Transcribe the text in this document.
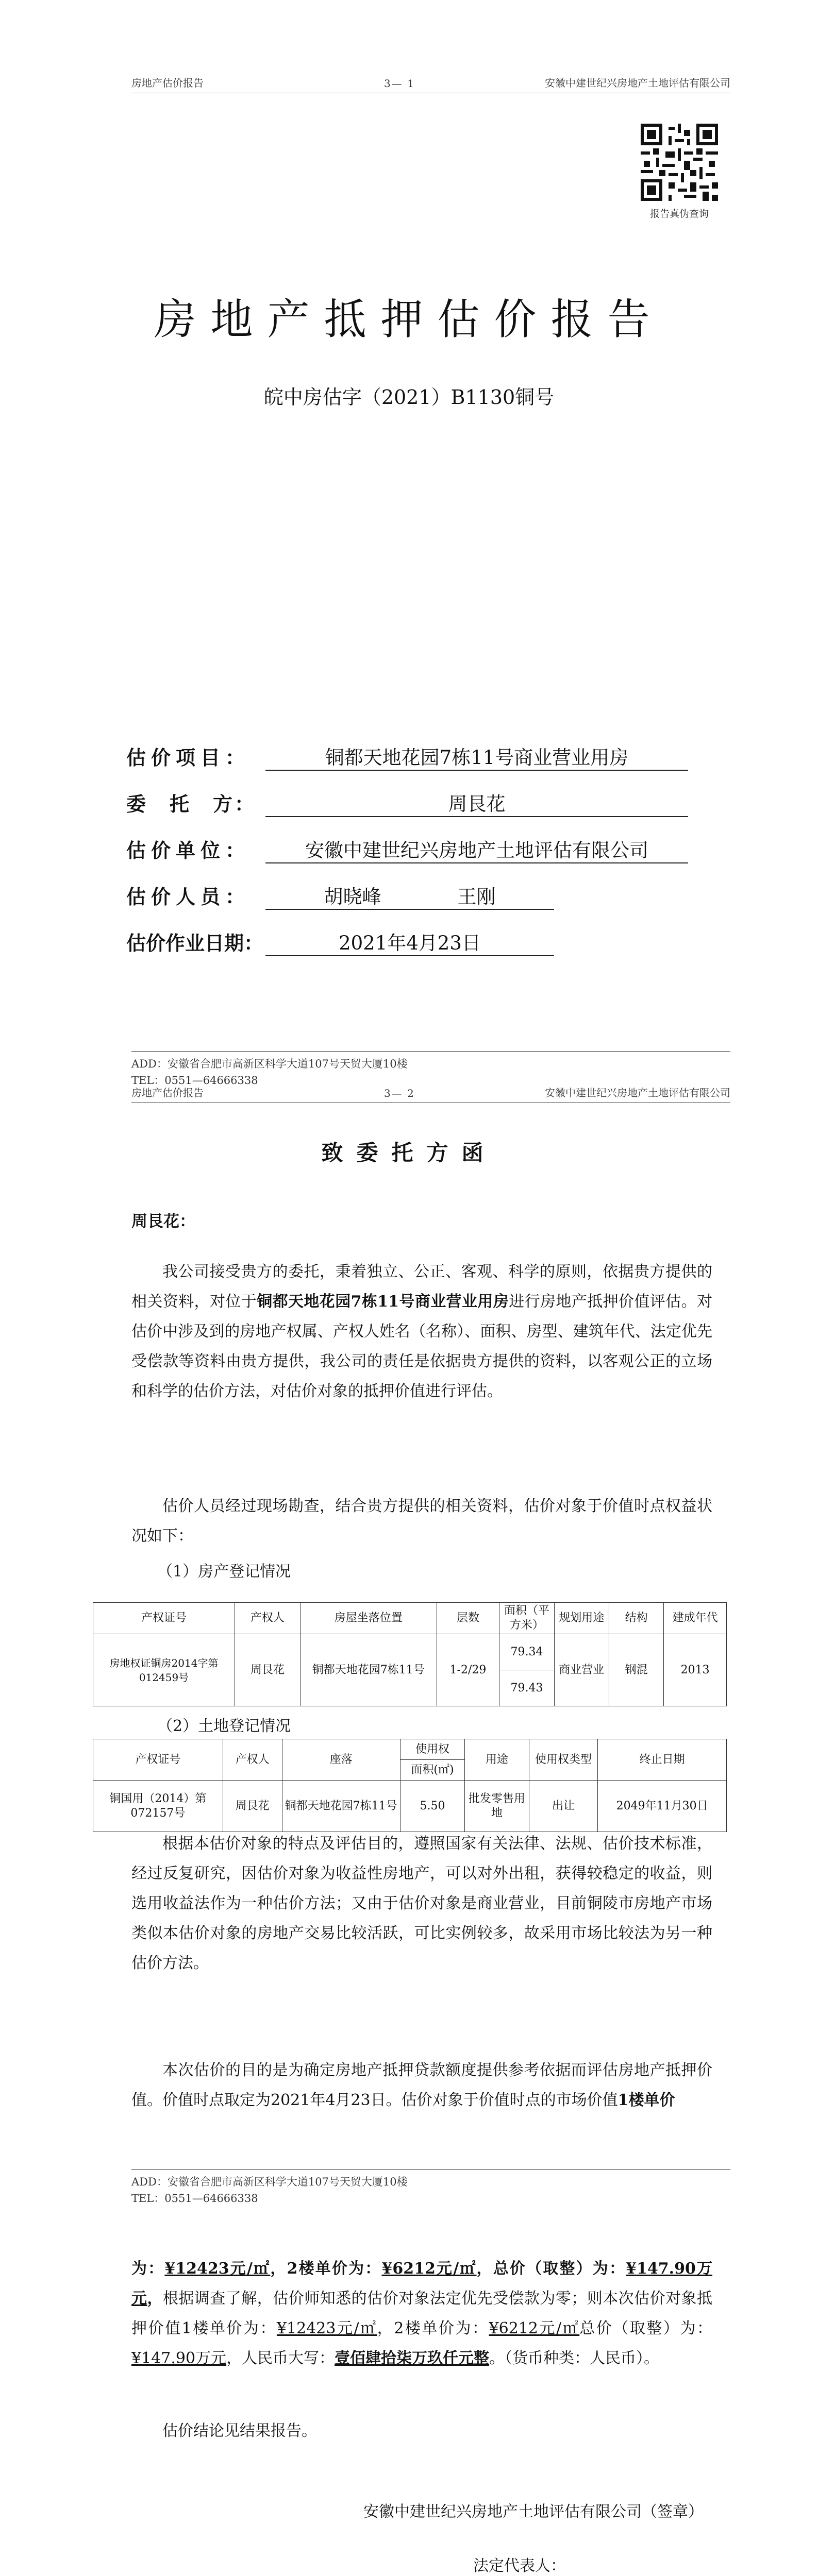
房地产估价报告	3— 1	安徽中建世纪兴房地产土地评估有限公司
报告真伪查询
房地产抵押估价报告
皖中房估字（2021）B1130铜号
估价项目：	铜都天地花园7栋11号商业营业用房
委　托　方：	周艮花
估价单位：	安徽中建世纪兴房地产土地评估有限公司
估价人员：	胡晓峰　　　　王刚
估价作业日期：	2021年4月23日
ADD：安徽省合肥市高新区科学大道107号天贸大厦10楼
TEL：0551—64666338
房地产估价报告	3— 2	安徽中建世纪兴房地产土地评估有限公司
致委托方函
周艮花：
我公司接受贵方的委托，秉着独立、公正、客观、科学的原则，依据贵方提供的相关资料，对位于铜都天地花园7栋11号商业营业用房进行房地产抵押价值评估。对估价中涉及到的房地产权属、产权人姓名（名称）、面积、房型、建筑年代、法定优先受偿款等资料由贵方提供，我公司的责任是依据贵方提供的资料，以客观公正的立场和科学的估价方法，对估价对象的抵押价值进行评估。
估价人员经过现场勘查，结合贵方提供的相关资料，估价对象于价值时点权益状况如下：
（1）房产登记情况
产权证号	产权人	房屋坐落位置	层数	面积（平方米）	规划用途	结构	建成年代
房地权证铜房2014字第012459号	周艮花	铜都天地花园7栋11号	1-2/29	79.34	商业营业	钢混	2013
				79.43			
（2）土地登记情况
产权证号	产权人	座落	使用权	用途	使用权类型	终止日期
			面积(㎡)			
铜国用（2014）第072157号	周艮花	铜都天地花园7栋11号	5.50	批发零售用地	出让	2049年11月30日
根据本估价对象的特点及评估目的，遵照国家有关法律、法规、估价技术标准，经过反复研究，因估价对象为收益性房地产，可以对外出租，获得较稳定的收益，则选用收益法作为一种估价方法；又由于估价对象是商业营业，目前铜陵市房地产市场类似本估价对象的房地产交易比较活跃，可比实例较多，故采用市场比较法为另一种估价方法。
本次估价的目的是为确定房地产抵押贷款额度提供参考依据而评估房地产抵押价值。价值时点取定为2021年4月23日。估价对象于价值时点的市场价值1楼单价
ADD：安徽省合肥市高新区科学大道107号天贸大厦10楼
TEL：0551—64666338
为：¥12423元/㎡，2楼单价为：¥6212元/㎡，总价（取整）为：¥147.90万元，根据调查了解，估价师知悉的估价对象法定优先受偿款为零；则本次估价对象抵押价值1楼单价为：¥12423元/㎡，2楼单价为：¥6212元/㎡总价（取整）为：¥147.90万元，人民币大写：壹佰肆拾柒万玖仟元整。（货币种类：人民币）。
估价结论见结果报告。
安徽中建世纪兴房地产土地评估有限公司（签章）
法定代表人：
